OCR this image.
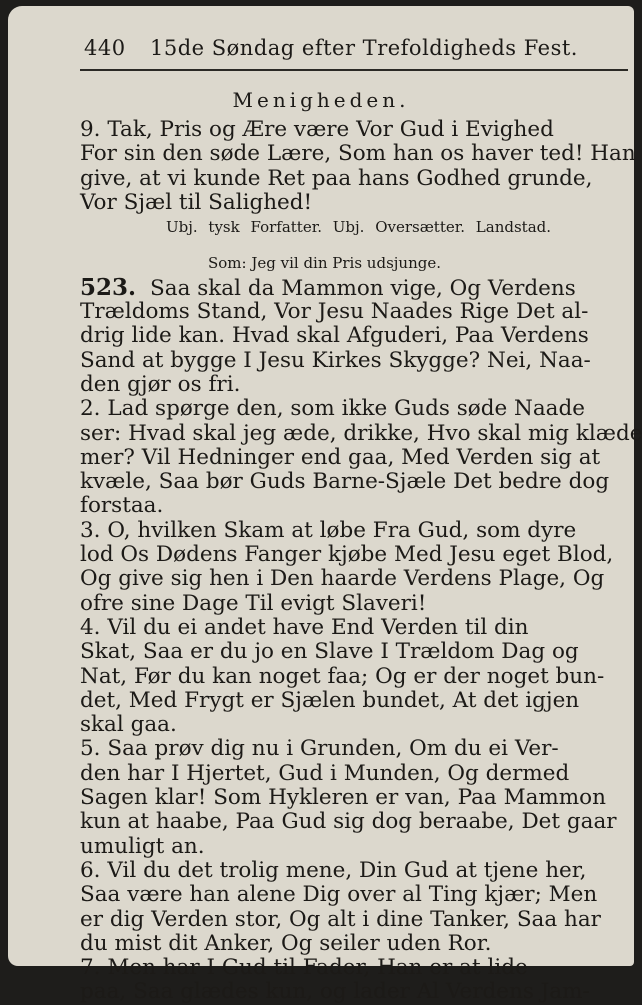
440 15de Søndag efter Trefoldigheds Fest.
Menigheden.
9. Tak, Pris og Ære være Vor Gud i Evighed
For sin den søde Lære, Som han os haver ted! Han
give, at vi kunde Ret paa hans Godhed grunde,
Vor Sjæl til Salighed!
Ubj. tysk Forfatter. Ubj. Oversætter. Landstad.
Som: Jeg vil din Pris udsjunge.
523. Saa skal da Mammon vige, Og Verdens
Trældoms Stand, Vor Jesu Naades Rige Det al-
drig lide kan. Hvad skal Afguderi, Paa Verdens
Sand at bygge I Jesu Kirkes Skygge? Nei, Naa-
den gjør os fri.
2. Lad spørge den, som ikke Guds søde Naade
ser: Hvad skal jeg æde, drikke, Hvo skal mig klæde
mer? Vil Hedninger end gaa, Med Verden sig at
kvæle, Saa bør Guds Barne-Sjæle Det bedre dog
forstaa.
3. O, hvilken Skam at løbe Fra Gud, som dyre
lod Os Dødens Fanger kjøbe Med Jesu eget Blod,
Og give sig hen i Den haarde Verdens Plage, Og
ofre sine Dage Til evigt Slaveri!
4. Vil du ei andet have End Verden til din
Skat, Saa er du jo en Slave I Trældom Dag og
Nat, Før du kan noget faa; Og er der noget bun-
det, Med Frygt er Sjælen bundet, At det igjen
skal gaa.
5. Saa prøv dig nu i Grunden, Om du ei Ver-
den har I Hjertet, Gud i Munden, Og dermed
Sagen klar! Som Hykleren er van, Paa Mammon
kun at haabe, Paa Gud sig dog beraabe, Det gaar
umuligt an.
6. Vil du det trolig mene, Din Gud at tjene her,
Saa være han alene Dig over al Ting kjær; Men
er dig Verden stor, Og alt i dine Tanker, Saa har
du mist dit Anker, Og seiler uden Ror.
7. Men har I Gud til Fader, Han er at lide
paa, Saa glædes kun, og lader Al Verdens Jam-
